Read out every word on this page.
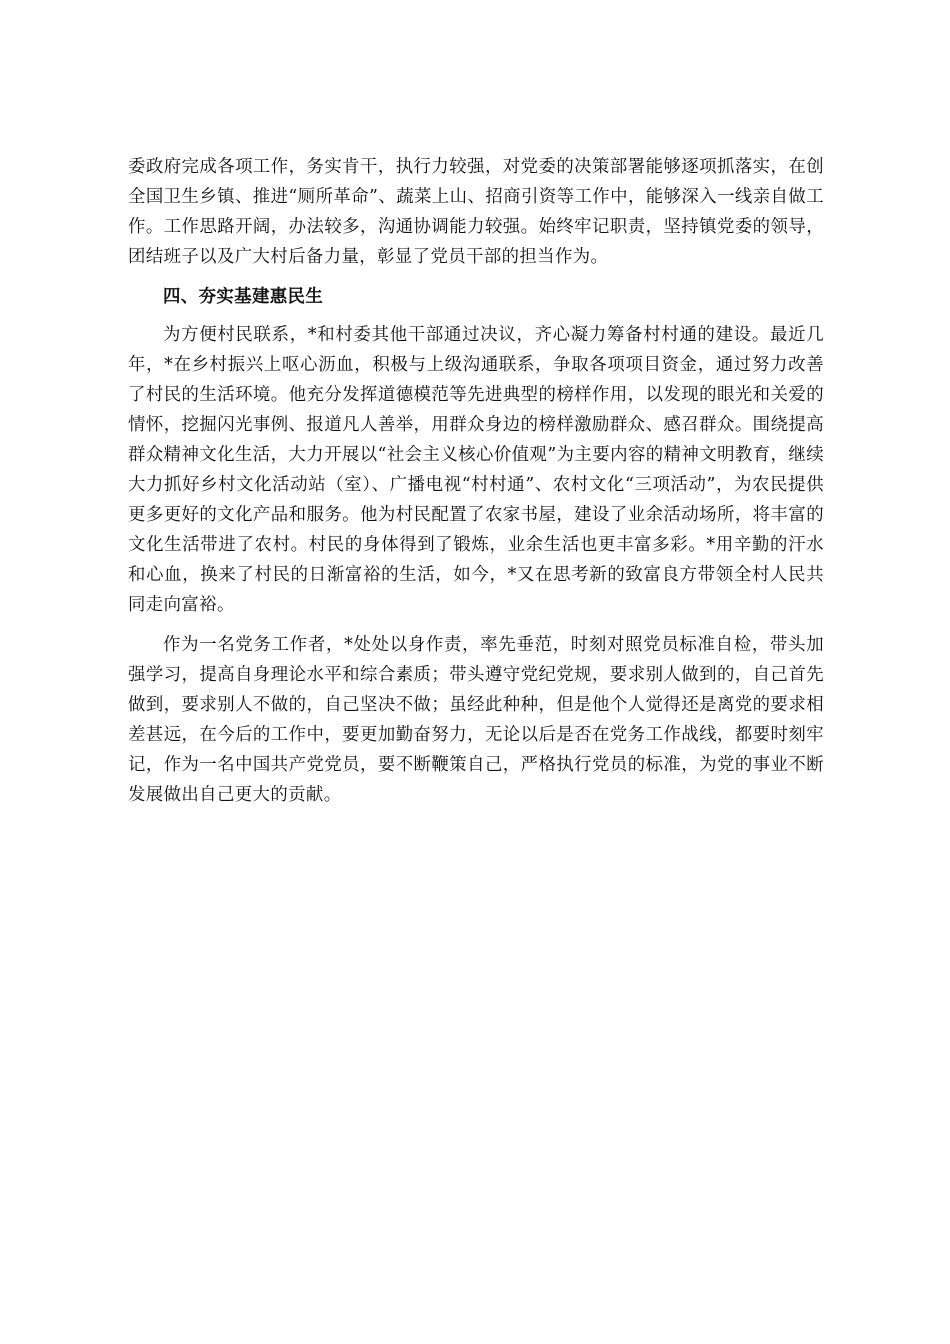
委政府完成各项工作，务实肯干，执行力较强，对党委的决策部署能够逐项抓落实，在创全国卫生乡镇、推进“厕所革命”、蔬菜上山、招商引资等工作中，能够深入一线亲自做工作。工作思路开阔，办法较多，沟通协调能力较强。始终牢记职责，坚持镇党委的领导，团结班子以及广大村后备力量，彰显了党员干部的担当作为。

四、夯实基建惠民生

为方便村民联系，*和村委其他干部通过决议，齐心凝力筹备村村通的建设。最近几年，*在乡村振兴上呕心沥血，积极与上级沟通联系，争取各项项目资金，通过努力改善了村民的生活环境。他充分发挥道德模范等先进典型的榜样作用，以发现的眼光和关爱的情怀，挖掘闪光事例、报道凡人善举，用群众身边的榜样激励群众、感召群众。围绕提高群众精神文化生活，大力开展以“社会主义核心价值观”为主要内容的精神文明教育，继续大力抓好乡村文化活动站（室）、广播电视“村村通”、农村文化“三项活动”，为农民提供更多更好的文化产品和服务。他为村民配置了农家书屋，建设了业余活动场所，将丰富的文化生活带进了农村。村民的身体得到了锻炼，业余生活也更丰富多彩。*用辛勤的汗水和心血，换来了村民的日渐富裕的生活，如今，*又在思考新的致富良方带领全村人民共同走向富裕。

作为一名党务工作者，*处处以身作责，率先垂范，时刻对照党员标准自检，带头加强学习，提高自身理论水平和综合素质；带头遵守党纪党规，要求别人做到的，自己首先做到，要求别人不做的，自己坚决不做；虽经此种种，但是他个人觉得还是离党的要求相差甚远，在今后的工作中，要更加勤奋努力，无论以后是否在党务工作战线，都要时刻牢记，作为一名中国共产党党员，要不断鞭策自己，严格执行党员的标准，为党的事业不断发展做出自己更大的贡献。
